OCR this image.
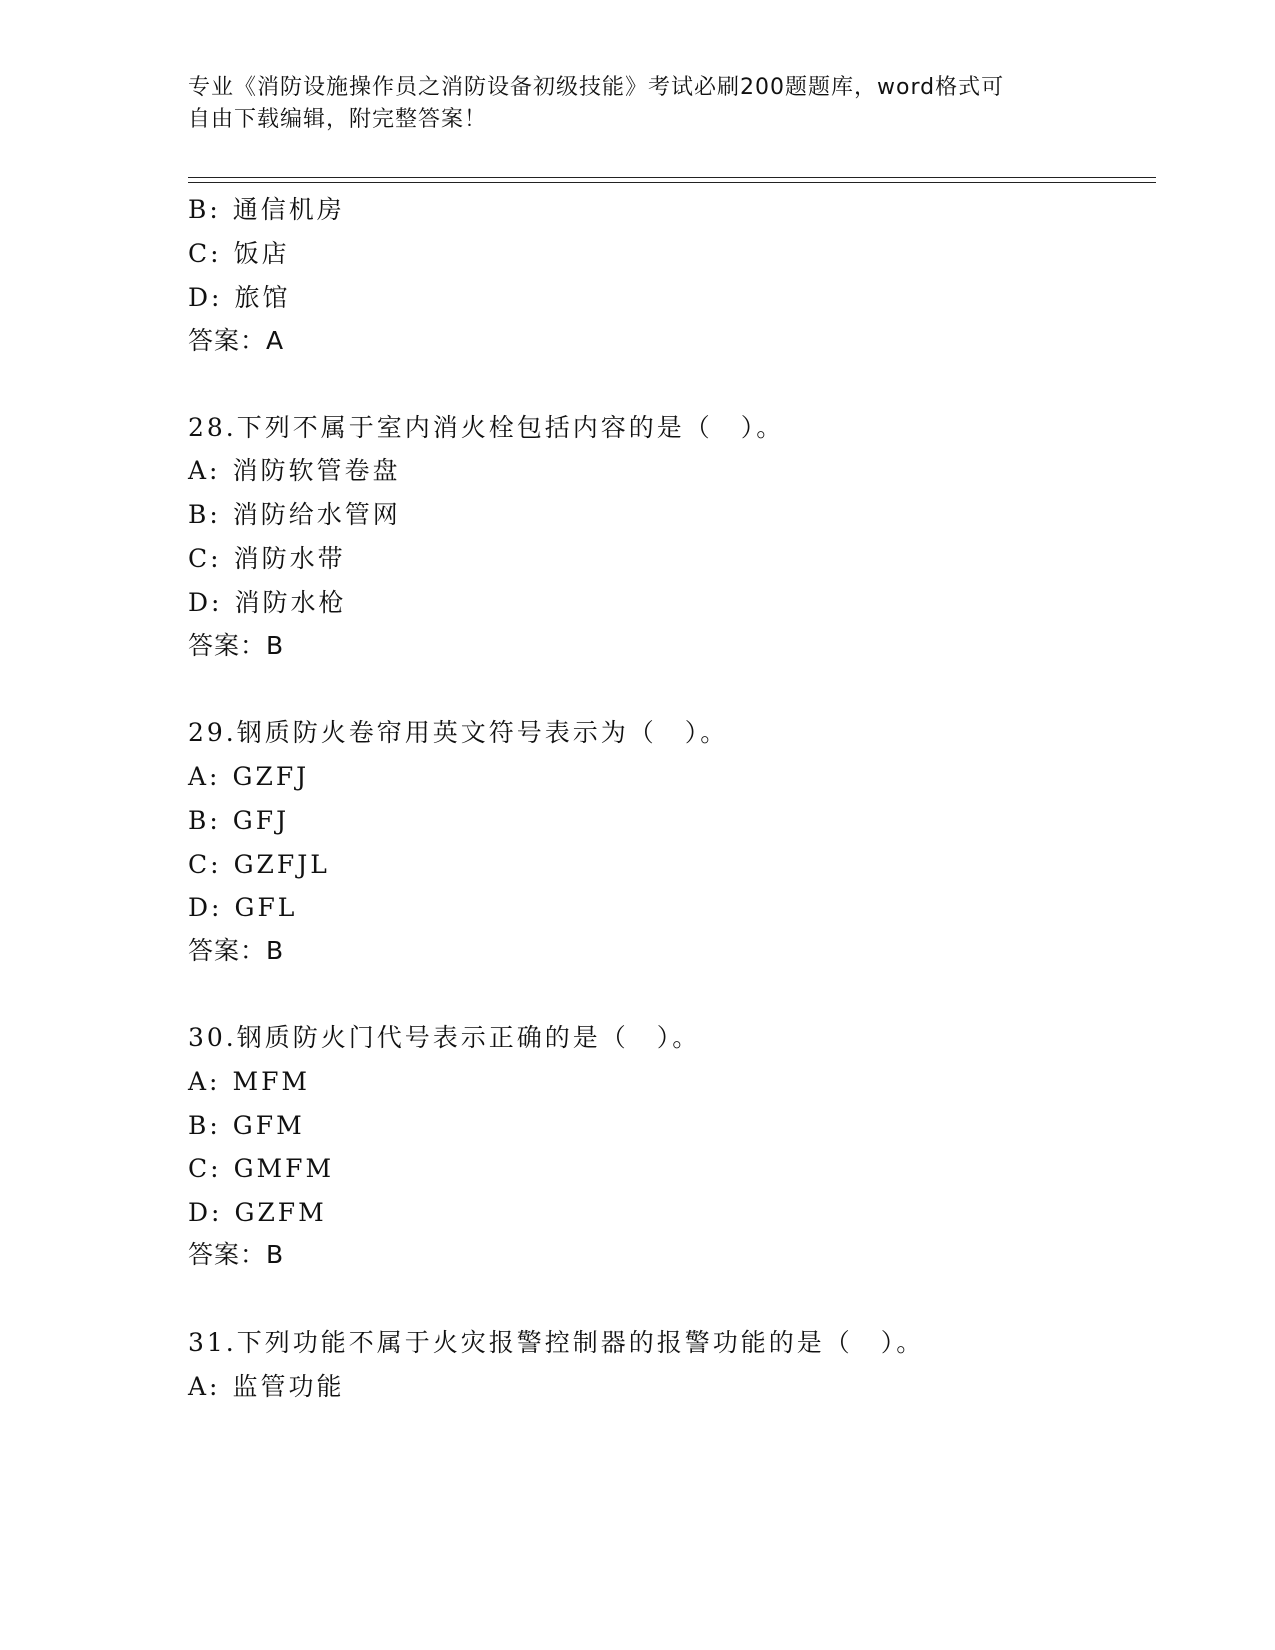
专业《消防设施操作员之消防设备初级技能》考试必刷200题题库，word格式可
自由下载编辑，附完整答案！
B: 通信机房
C: 饭店
D: 旅馆
答案：A
28.下列不属于室内消火栓包括内容的是（　）。
A: 消防软管卷盘
B: 消防给水管网
C: 消防水带
D: 消防水枪
答案：B
29.钢质防火卷帘用英文符号表示为（　）。
A: GZFJ
B: GFJ
C: GZFJL
D: GFL
答案：B
30.钢质防火门代号表示正确的是（　）。
A: MFM
B: GFM
C: GMFM
D: GZFM
答案：B
31.下列功能不属于火灾报警控制器的报警功能的是（　）。
A: 监管功能
